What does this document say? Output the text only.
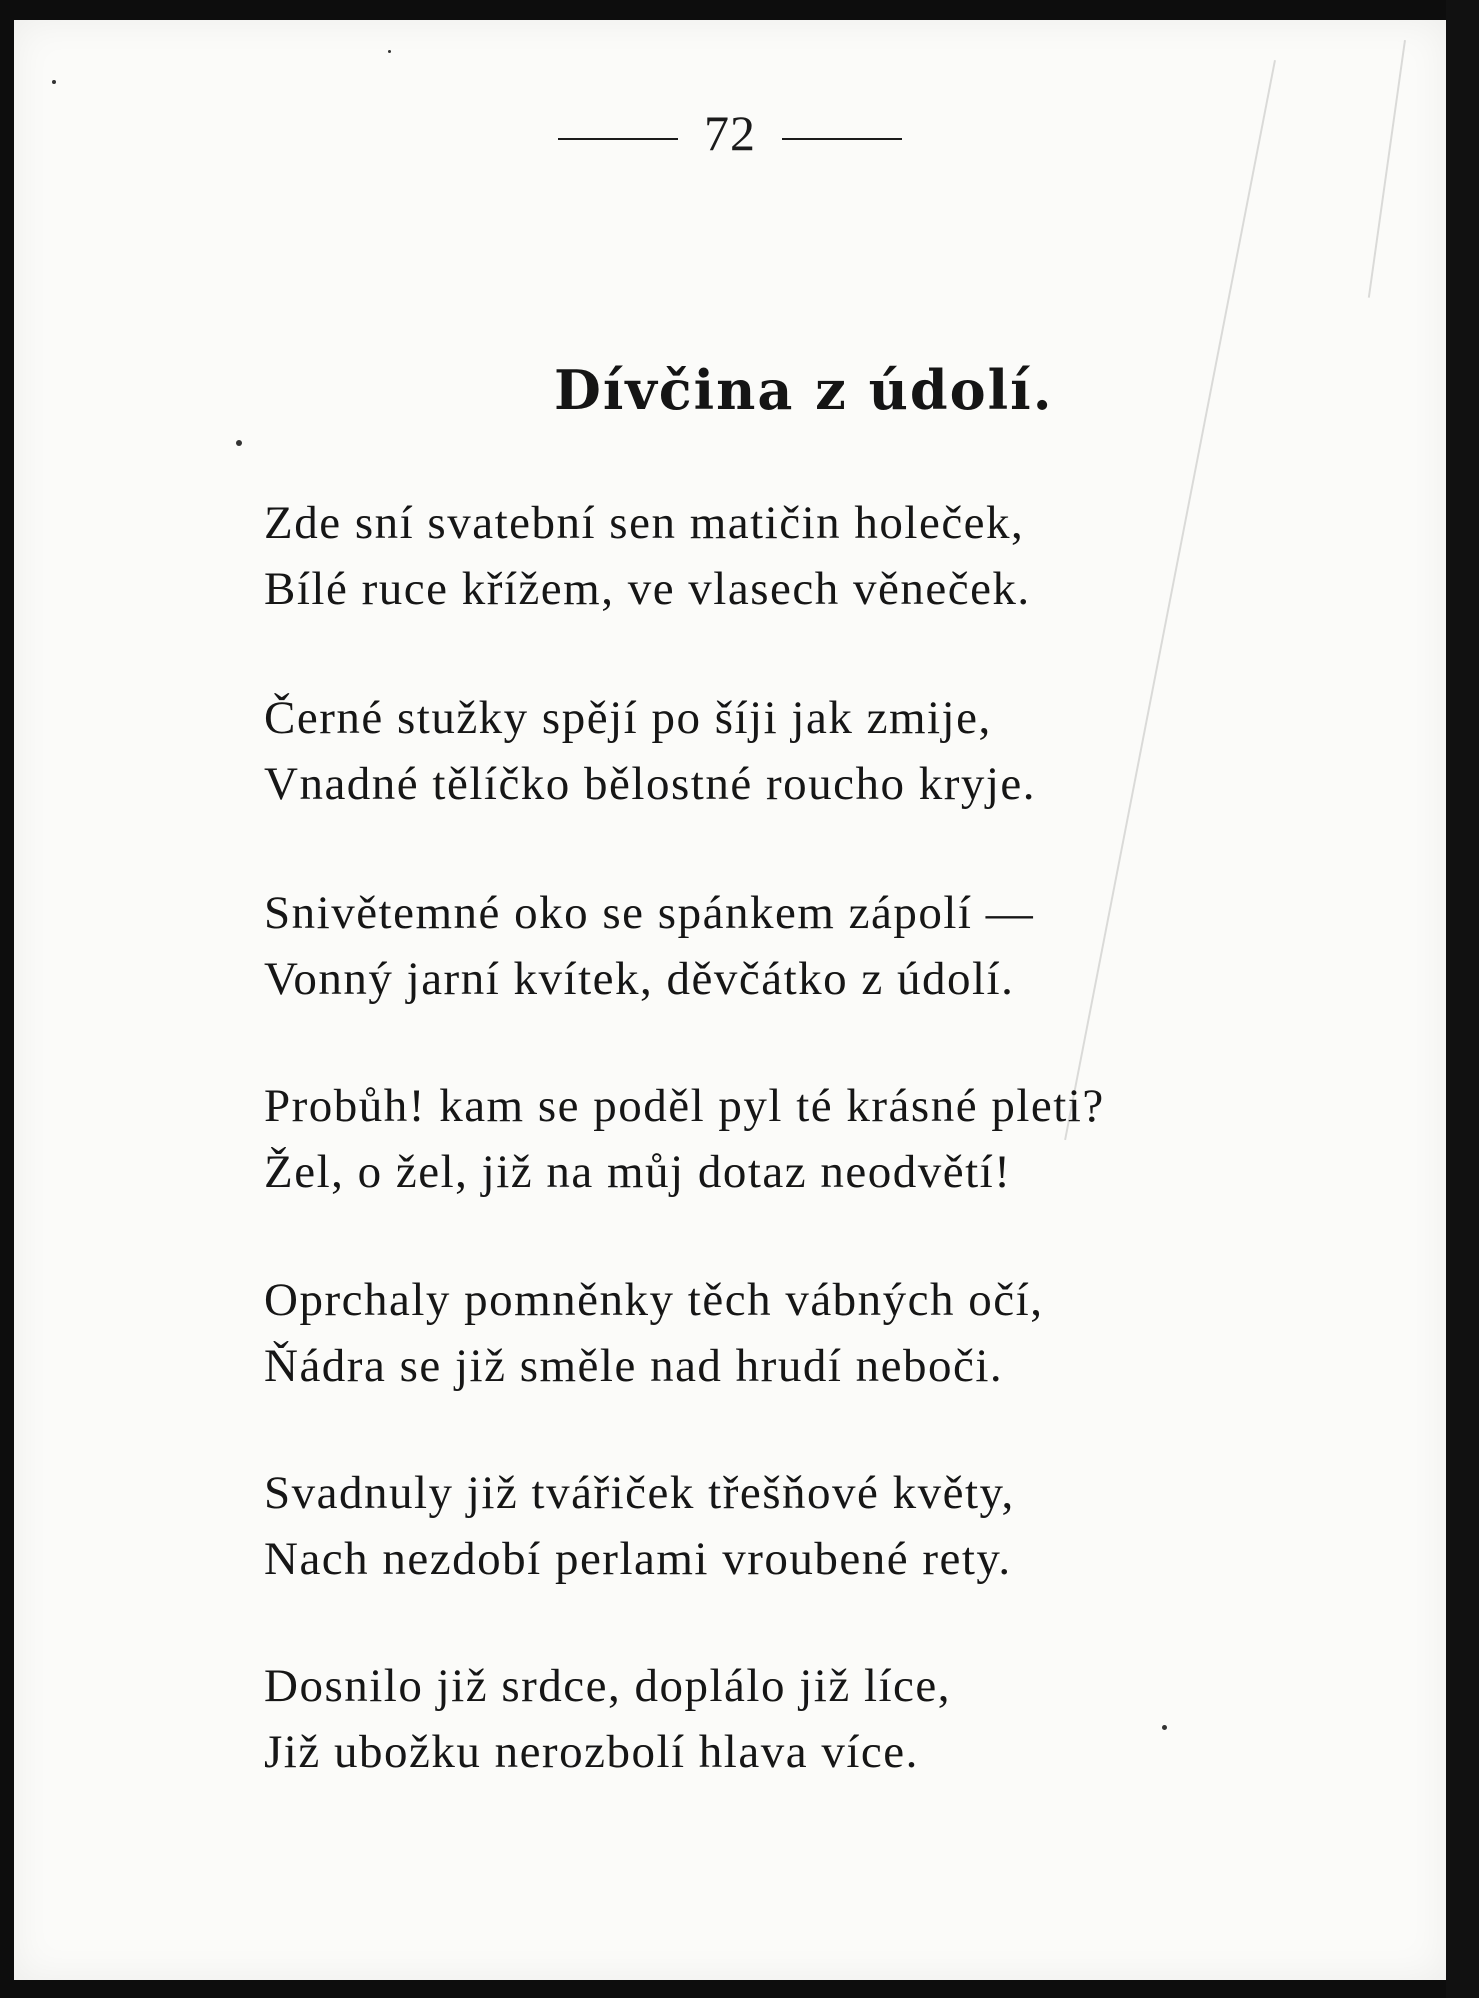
72
Dívčina z údolí.
Zde sní svatební sen matičin holeček,
Bílé ruce křížem, ve vlasech věneček.
Černé stužky spějí po šíji jak zmije,
Vnadné tělíčko bělostné roucho kryje.
Snivětemné oko se spánkem zápolí —
Vonný jarní kvítek, děvčátko z údolí.
Probůh! kam se poděl pyl té krásné pleti?
Žel, o žel, již na můj dotaz neodvětí!
Oprchaly pomněnky těch vábných očí,
Ňádra se již směle nad hrudí neboči.
Svadnuly již tvářiček třešňové květy,
Nach nezdobí perlami vroubené rety.
Dosnilo již srdce, doplálo již líce,
Již ubožku nerozbolí hlava více.
